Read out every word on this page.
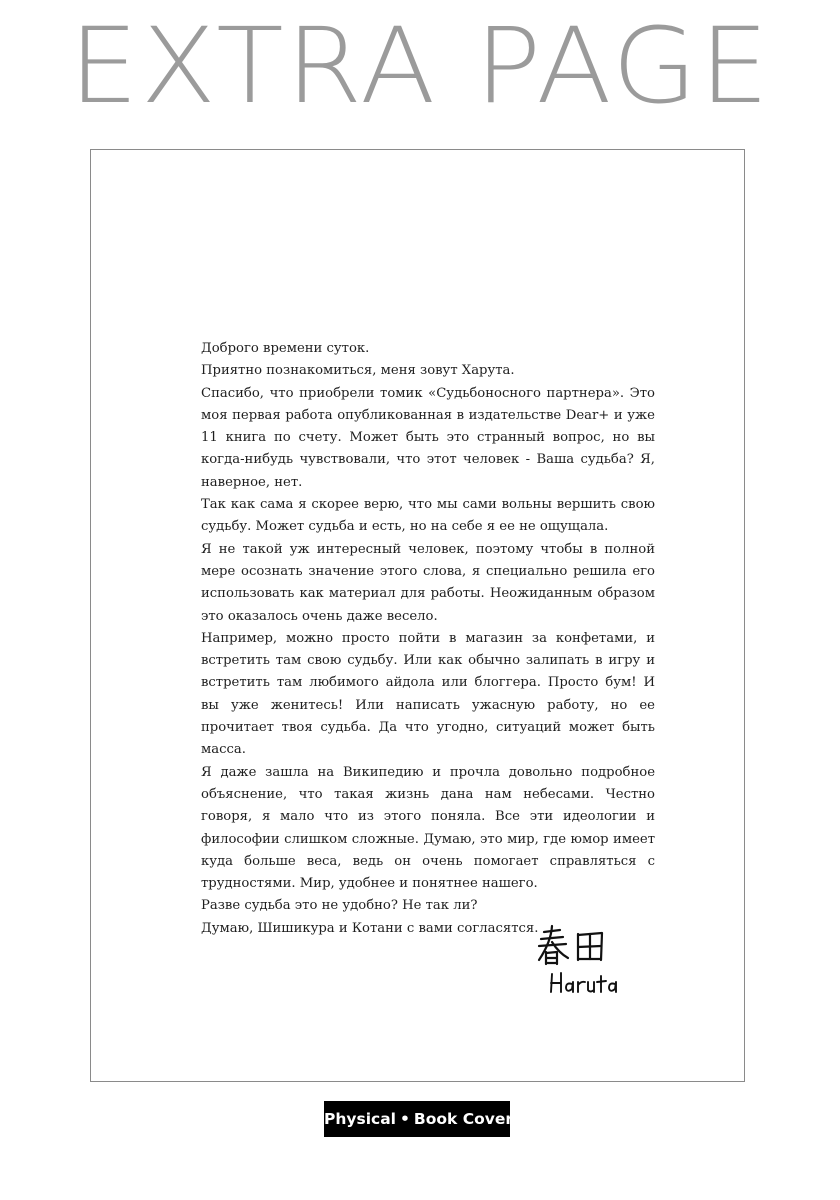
EXTRA PAGE

Доброго времени суток.

Приятно познакомиться, меня зовут Харута.

Спасибо, что приобрели томик «Судьбоносного партнера». Это моя первая работа опубликованная в издательстве Dear+ и уже 11 книга по счету. Может быть это странный вопрос, но вы когда-нибудь чувствовали, что этот человек - Ваша судьба? Я, наверное, нет.

Так как сама я скорее верю, что мы сами вольны вершить свою судьбу. Может судьба и есть, но на себе я ее не ощущала.

Я не такой уж интересный человек, поэтому чтобы в полной мере осознать значение этого слова, я специально решила его использовать как материал для работы. Неожиданным образом это оказалось очень даже весело.

Например, можно просто пойти в магазин за конфетами, и встретить там свою судьбу. Или как обычно залипать в игру и встретить там любимого айдола или блоггера. Просто бум! И вы уже женитесь! Или написать ужасную работу, но ее прочитает твоя судьба. Да что угодно, ситуаций может быть масса.

Я даже зашла на Википедию и прочла довольно подробное объяснение, что такая жизнь дана нам небесами. Честно говоря, я мало что из этого поняла. Все эти идеологии и философии слишком сложные. Думаю, это мир, где юмор имеет куда больше веса, ведь он очень помогает справляться с трудностями. Мир, удобнее и понятнее нашего.

Разве судьба это не удобно? Не так ли?

Думаю, Шишикура и Котани с вами согласятся.

Physical • Book Cover
